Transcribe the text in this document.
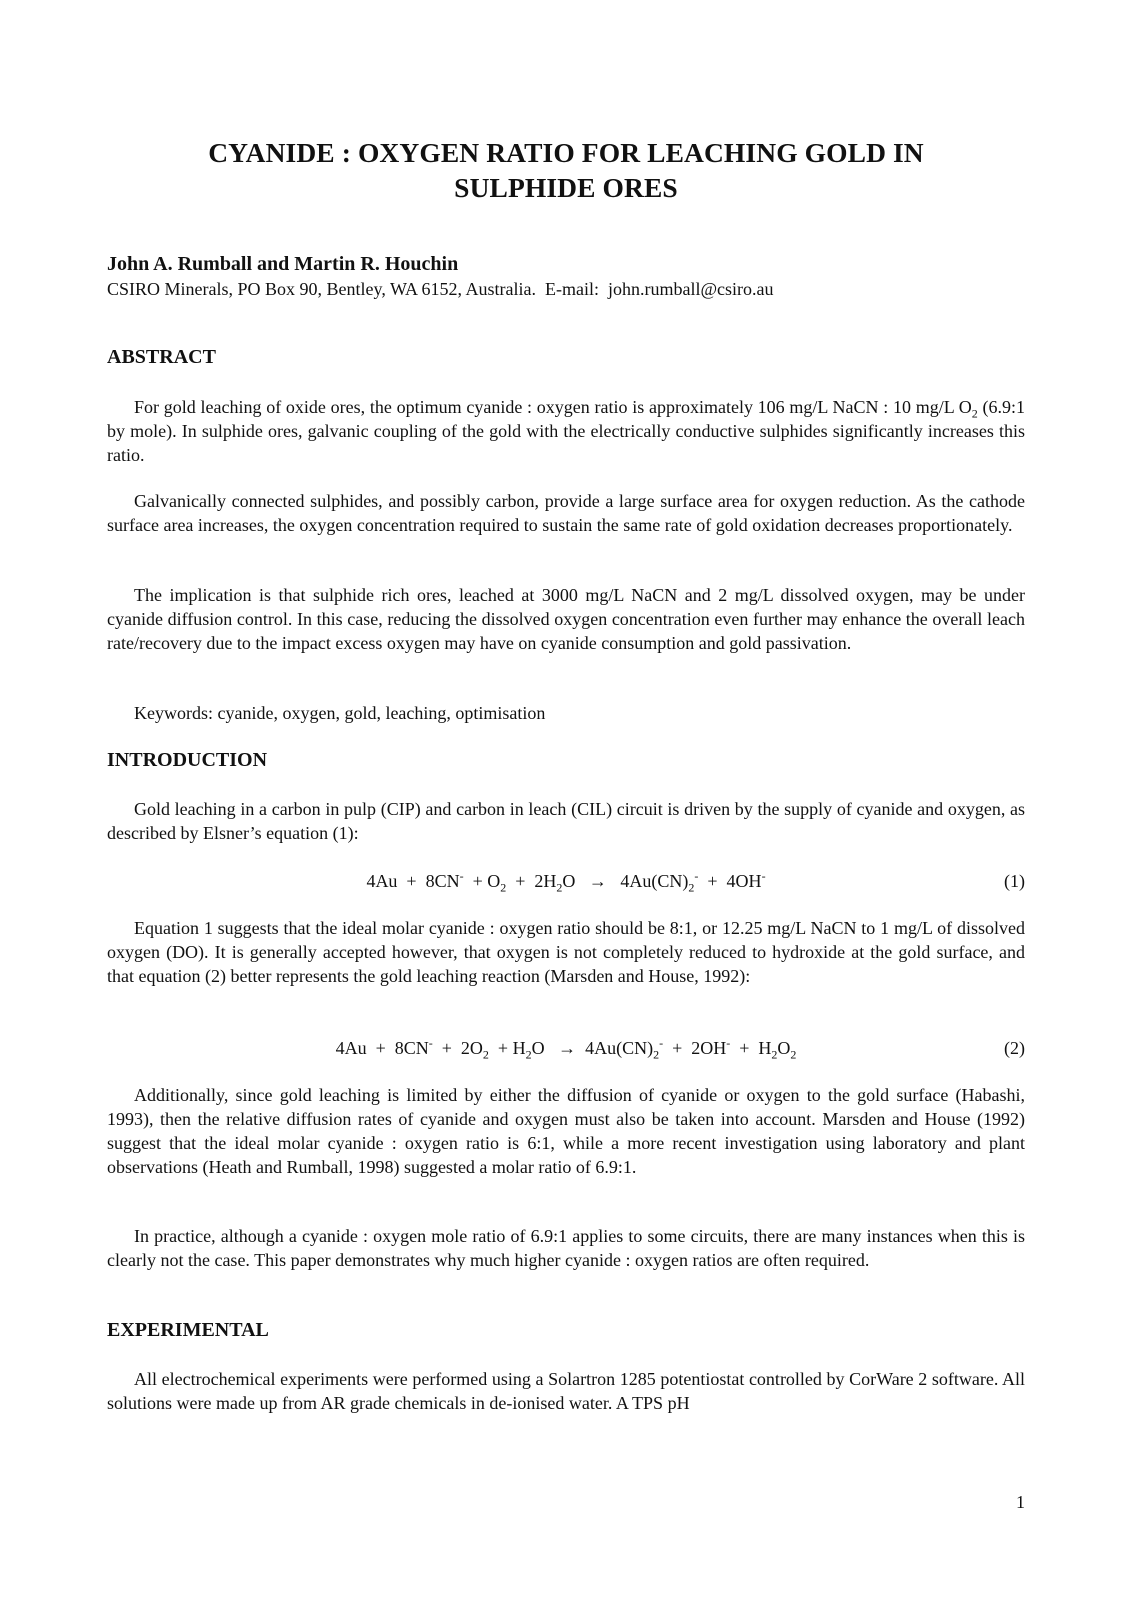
CYANIDE : OXYGEN RATIO FOR LEACHING GOLD IN
SULPHIDE ORES
John A. Rumball and Martin R. Houchin
CSIRO Minerals, PO Box 90, Bentley, WA 6152, Australia.  E-mail:  john.rumball@csiro.au
ABSTRACT
For gold leaching of oxide ores, the optimum cyanide : oxygen ratio is approximately 106 mg/L NaCN : 10 mg/L $O_2$ (6.9:1 by mole). In sulphide ores, galvanic coupling of the gold with the electrically conductive sulphides significantly increases this ratio.
Galvanically connected sulphides, and possibly carbon, provide a large surface area for oxygen reduction. As the cathode surface area increases, the oxygen concentration required to sustain the same rate of gold oxidation decreases proportionately.
The implication is that sulphide rich ores, leached at 3000 mg/L NaCN and 2 mg/L dissolved oxygen, may be under cyanide diffusion control. In this case, reducing the dissolved oxygen concentration even further may enhance the overall leach rate/recovery due to the impact excess oxygen may have on cyanide consumption and gold passivation.
Keywords: cyanide, oxygen, gold, leaching, optimisation
INTRODUCTION
Gold leaching in a carbon in pulp (CIP) and carbon in leach (CIL) circuit is driven by the supply of cyanide and oxygen, as described by Elsner’s equation (1):
$4Au + 8CN^- + O_2 + 2H_2O \to 4Au(CN)_2^- + 4OH^-$	(1)
Equation 1 suggests that the ideal molar cyanide : oxygen ratio should be 8:1, or 12.25 mg/L NaCN to 1 mg/L of dissolved oxygen (DO). It is generally accepted however, that oxygen is not completely reduced to hydroxide at the gold surface, and that equation (2) better represents the gold leaching reaction (Marsden and House, 1992):
$4Au + 8CN^- + 2O_2 + H_2O \to 4Au(CN)_2^- + 2OH^- + H_2O_2$	(2)
Additionally, since gold leaching is limited by either the diffusion of cyanide or oxygen to the gold surface (Habashi, 1993), then the relative diffusion rates of cyanide and oxygen must also be taken into account. Marsden and House (1992) suggest that the ideal molar cyanide : oxygen ratio is 6:1, while a more recent investigation using laboratory and plant observations (Heath and Rumball, 1998) suggested a molar ratio of 6.9:1.
In practice, although a cyanide : oxygen mole ratio of 6.9:1 applies to some circuits, there are many instances when this is clearly not the case. This paper demonstrates why much higher cyanide : oxygen ratios are often required.
EXPERIMENTAL
All electrochemical experiments were performed using a Solartron 1285 potentiostat controlled by CorWare 2 software. All solutions were made up from AR grade chemicals in de-ionised water. A TPS pH
1
